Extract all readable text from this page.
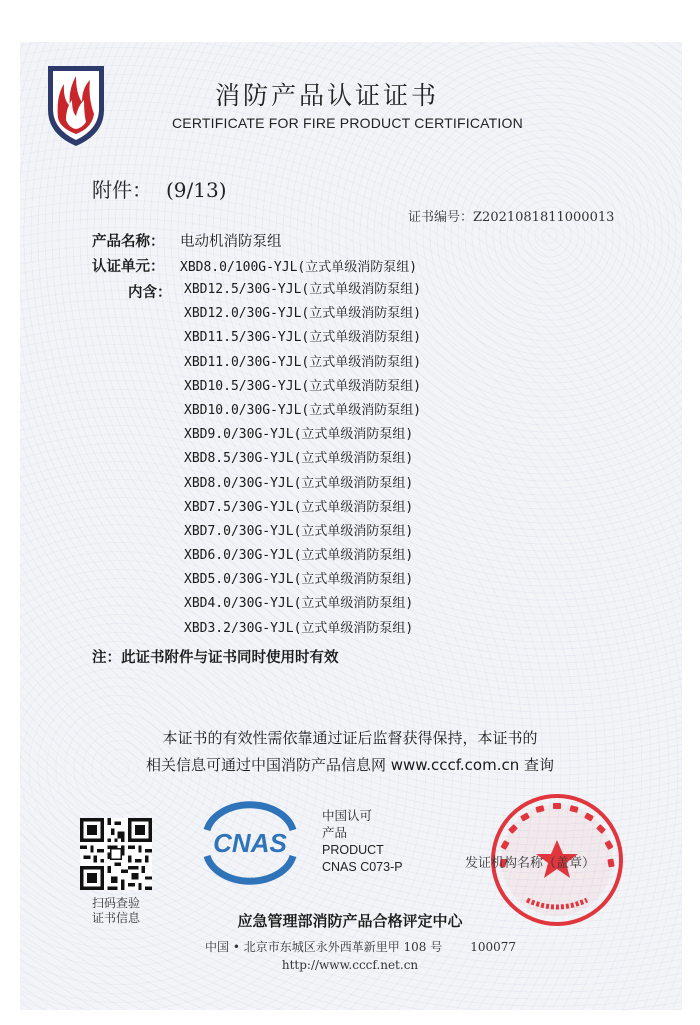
消防产品认证证书
CERTIFICATE FOR FIRE PRODUCT CERTIFICATION
附件： (9/13)
证书编号：Z2021081811000013
产品名称： 电动机消防泵组
认证单元： XBD8.0/100G-YJL(立式单级消防泵组)
内含： XBD12.5/30G-YJL(立式单级消防泵组)
XBD12.0/30G-YJL(立式单级消防泵组)
XBD11.5/30G-YJL(立式单级消防泵组)
XBD11.0/30G-YJL(立式单级消防泵组)
XBD10.5/30G-YJL(立式单级消防泵组)
XBD10.0/30G-YJL(立式单级消防泵组)
XBD9.0/30G-YJL(立式单级消防泵组)
XBD8.5/30G-YJL(立式单级消防泵组)
XBD8.0/30G-YJL(立式单级消防泵组)
XBD7.5/30G-YJL(立式单级消防泵组)
XBD7.0/30G-YJL(立式单级消防泵组)
XBD6.0/30G-YJL(立式单级消防泵组)
XBD5.0/30G-YJL(立式单级消防泵组)
XBD4.0/30G-YJL(立式单级消防泵组)
XBD3.2/30G-YJL(立式单级消防泵组)
注：此证书附件与证书同时使用时有效
本证书的有效性需依靠通过证后监督获得保持，本证书的
相关信息可通过中国消防产品信息网 www.cccf.com.cn 查询
扫码查验
证书信息
CNAS
中国认可
产品
PRODUCT
CNAS C073-P	发证机构名称（盖章）
应急管理部消防产品合格评定中心
中国 • 北京市东城区永外西革新里甲 108 号 100077
http://www.cccf.net.cn
